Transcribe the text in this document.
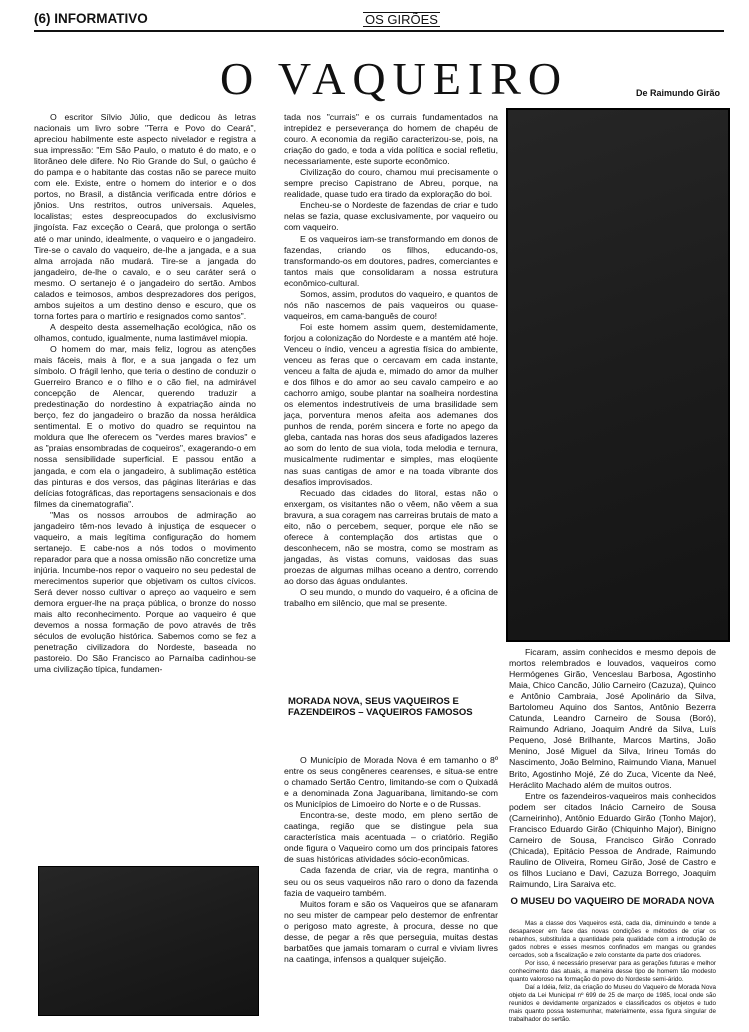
(6) INFORMATIVO	OS GIRÕES
O VAQUEIRO	De Raimundo Girão

O escritor Sílvio Júlio, que dedicou às letras nacionais um livro sobre "Terra e Povo do Ceará", apreciou habilmente este aspecto nivelador e registra a sua impressão: "Em São Paulo, o matuto é do mato, e o litorâneo dele difere. No Rio Grande do Sul, o gaúcho é do pampa e o habitante das costas não se parece muito com ele. Existe, entre o homem do interior e o dos portos, no Brasil, a distância verificada entre dórios e jônios. Uns restritos, outros universais. Aqueles, localistas; estes despreocupados do exclusivismo jingoísta. Faz exceção o Ceará, que prolonga o sertão até o mar unindo, idealmente, o vaqueiro e o jangadeiro. Tire-se o cavalo do vaqueiro, de-lhe a jangada, e a sua alma arrojada não mudará. Tire-se a jangada do jangadeiro, de-lhe o cavalo, e o seu caráter será o mesmo. O sertanejo é o jangadeiro do sertão. Ambos calados e teimosos, ambos desprezadores dos perigos, ambos sujeitos a um destino denso e escuro, que os torna fortes para o martírio e resignados como santos".

A despeito desta assemelhação ecológica, não os olhamos, contudo, igualmente, numa lastimável miopia.

O homem do mar, mais feliz, logrou as atenções mais fáceis, mais à flor, e a sua jangada o fez um símbolo. O frágil lenho, que teria o destino de conduzir o Guerreiro Branco e o filho e o cão fiel, na admirável concepção de Alencar, querendo traduzir a predestinação do nordestino à expatriação ainda no berço, fez do jangadeiro o brazão da nossa heráldica sentimental. E o motivo do quadro se requintou na moldura que lhe oferecem os "verdes mares bravios" e as "praias ensombradas de coqueiros", exagerando-o em nossa sensibilidade superficial. E passou então a jangada, e com ela o jangadeiro, à sublimação estética das pinturas e dos versos, das páginas literárias e das delícias fotográficas, das reportagens sensacionais e dos filmes da cinematografia".

"Mas os nossos arroubos de admiração ao jangadeiro têm-nos levado à injustiça de esquecer o vaqueiro, a mais legítima configuração do homem sertanejo. E cabe-nos a nós todos o movimento reparador para que a nossa omissão não concretize uma injúria. Incumbe-nos repor o vaqueiro no seu pedestal de merecimentos superior que objetivam os cultos cívicos. Será dever nosso cultivar o apreço ao vaqueiro e sem demora erguer-lhe na praça pública, o bronze do nosso mais alto reconhecimento. Porque ao vaqueiro é que devemos a nossa formação de povo através de três séculos de evolução histórica. Sabemos como se fez a penetração civilizadora do Nordeste, baseada no pastoreio. Do São Francisco ao Parnaíba cadinhou-se uma civilização típica, fundamen-

tada nos "currais" e os currais fundamentados na intrepidez e perseverança do homem de chapéu de couro. A economia da região caracterizou-se, pois, na criação do gado, e toda a vida política e social refletiu, necessariamente, este suporte econômico.

Civilização do couro, chamou mui precisamente o sempre preciso Capistrano de Abreu, porque, na realidade, quase tudo era tirado da exploração do boi.

Encheu-se o Nordeste de fazendas de criar e tudo nelas se fazia, quase exclusivamente, por vaqueiro ou com vaqueiro.

E os vaqueiros iam-se transformando em donos de fazendas, criando os filhos, educando-os, transformando-os em doutores, padres, comerciantes e tantos mais que consolidaram a nossa estrutura econômico-cultural.

Somos, assim, produtos do vaqueiro, e quantos de nós não nascemos de pais vaqueiros ou quase-vaqueiros, em cama-banguês de couro!

Foi este homem assim quem, destemidamente, forjou a colonização do Nordeste e a mantém até hoje. Venceu o índio, venceu a agrestia física do ambiente, venceu as feras que o cercavam em cada instante, venceu a falta de ajuda e, mimado do amor da mulher e dos filhos e do amor ao seu cavalo campeiro e ao cachorro amigo, soube plantar na soalheira nordestina os elementos indestrutíveis de uma brasilidade sem jaça, porventura menos afeita aos ademanes dos punhos de renda, porém sincera e forte no apego da gleba, cantada nas horas dos seus afadigados lazeres ao som do lento de sua viola, toda melodia e ternura, musicalmente rudimentar e simples, mas eloqüente nas suas cantigas de amor e na toada vibrante dos desafios improvisados.

Recuado das cidades do litoral, estas não o enxergam, os visitantes não o vêem, não vêem a sua bravura, a sua coragem nas carreiras brutais de mato a eito, não o percebem, sequer, porque ele não se oferece à contemplação dos artistas que o desconhecem, não se mostra, como se mostram as jangadas, às vistas comuns, vaidosas das suas proezas de algumas milhas oceano a dentro, correndo ao dorso das águas ondulantes.

O seu mundo, o mundo do vaqueiro, é a oficina de trabalho em silêncio, que mal se presente.

MORADA NOVA, SEUS VAQUEIROS E FAZENDEIROS – VAQUEIROS FAMOSOS

O Município de Morada Nova é em tamanho o 8º entre os seus congêneres cearenses, e situa-se entre o chamado Sertão Centro, limitando-se com o Quixadá e a denominada Zona Jaguaribana, limitando-se com os Municípios de Limoeiro do Norte e o de Russas.

Encontra-se, deste modo, em pleno sertão de caatinga, região que se distingue pela sua característica mais acentuada – o criatório. Região onde figura o Vaqueiro como um dos principais fatores de suas históricas atividades sócio-econômicas.

Cada fazenda de criar, via de regra, mantinha o seu ou os seus vaqueiros não raro o dono da fazenda fazia de vaqueiro também.

Muitos foram e são os Vaqueiros que se afanaram no seu mister de campear pelo destemor de enfrentar o perigoso mato agreste, à procura, desse no que desse, de pegar a rês que perseguia, muitas destas barbatões que jamais tomaram o curral e viviam livres na caatinga, infensos a qualquer sujeição.

Ficaram, assim conhecidos e mesmo depois de mortos relembrados e louvados, vaqueiros como Hermógenes Girão, Venceslau Barbosa, Agostinho Maia, Chico Cancão, Júlio Carneiro (Cazuza), Quinco e Antônio Cambraia, José Apolinário da Silva, Bartolomeu Aquino dos Santos, Antônio Bezerra Catunda, Leandro Carneiro de Sousa (Boró), Raimundo Adriano, Joaquim André da Silva, Luís Pequeno, José Brilhante, Marcos Martins, João Menino, José Miguel da Silva, Irineu Tomás do Nascimento, João Belmino, Raimundo Viana, Manuel Brito, Agostinho Mojé, Zé do Zuca, Vicente da Neé, Heráclito Machado além de muitos outros.

Entre os fazendeiros-vaqueiros mais conhecidos podem ser citados Inácio Carneiro de Sousa (Carneirinho), Antônio Eduardo Girão (Tonho Major), Francisco Eduardo Girão (Chiquinho Major), Binigno Carneiro de Sousa, Francisco Girão Conrado (Chicada), Epitácio Pessoa de Andrade, Raimundo Raulino de Oliveira, Romeu Girão, José de Castro e os filhos Luciano e Davi, Cazuza Borrego, Joaquim Raimundo, Lira Saraiva etc.

O MUSEU DO VAQUEIRO DE MORADA NOVA

Mas a classe dos Vaqueiros está, cada dia, diminuindo e tende a desaparecer em face das novas condições e métodos de criar os rebanhos, substituída a quantidade pela qualidade com a introdução de gados nobres e esses mesmos confinados em mangas ou grandes cercados, sob a fiscalização e zelo constante da parte dos criadores.

Por isso, é necessário preservar para as gerações futuras e melhor conhecimento das atuais, a maneira desse tipo de homem tão modesto quanto valoroso na formação do povo do Nordeste semi-árido.

Daí a Idéia, feliz, da criação do Museu do Vaqueiro de Morada Nova objeto da Lei Municipal nº 699 de 25 de março de 1985, local onde são reunidos e devidamente organizados e classificados os objetos e tudo mais quanto possa testemunhar, materialmente, essa figura singular de trabalhador do sertão.
